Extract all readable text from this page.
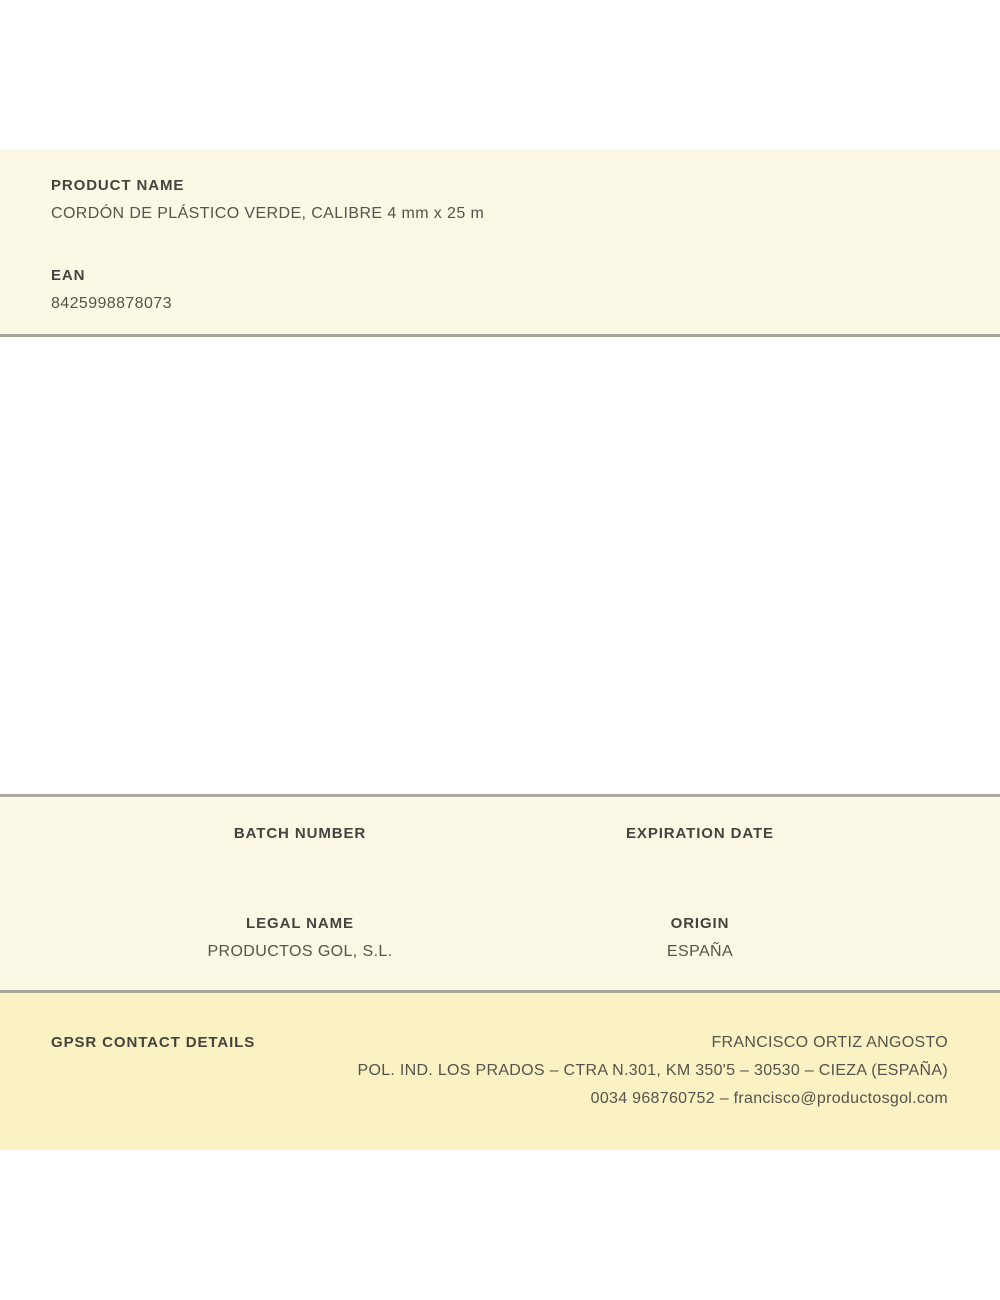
PRODUCT NAME
CORDÓN DE PLÁSTICO VERDE, CALIBRE 4 mm x 25 m
EAN
8425998878073
BATCH NUMBER	EXPIRATION DATE
LEGAL NAME
PRODUCTOS GOL, S.L.
ORIGIN
ESPAÑA
GPSR CONTACT DETAILS	FRANCISCO ORTIZ ANGOSTO
POL. IND. LOS PRADOS – CTRA N.301, KM 350'5 – 30530 – CIEZA (ESPAÑA)
0034 968760752 – francisco@productosgol.com
